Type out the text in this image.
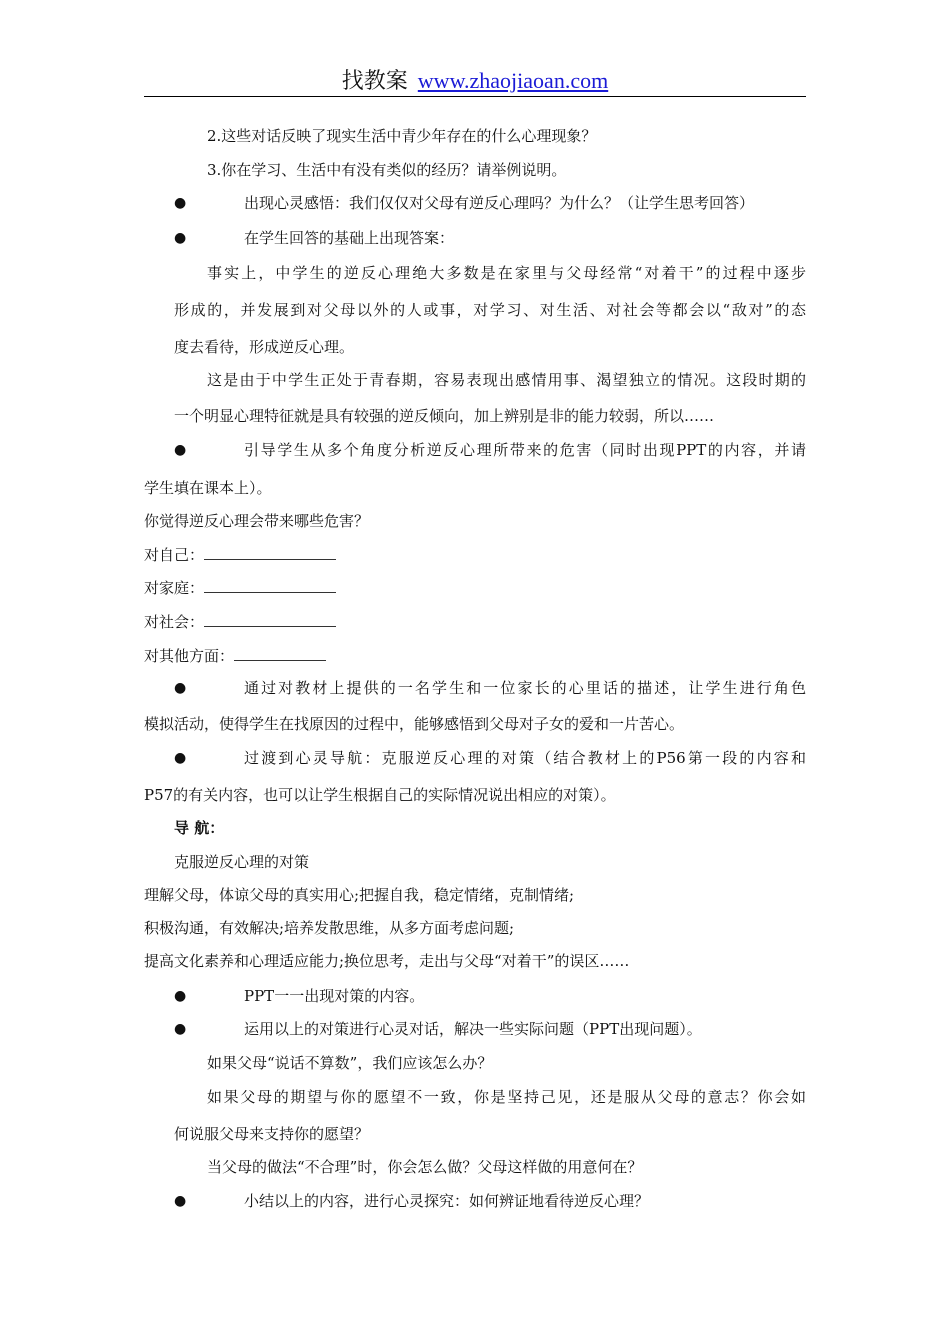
找教案 www.zhaojiaoan.com
2.这些对话反映了现实生活中青少年存在的什么心理现象？
3.你在学习、生活中有没有类似的经历？请举例说明。
●	出现心灵感悟：我们仅仅对父母有逆反心理吗？为什么？（让学生思考回答）
●	在学生回答的基础上出现答案：
事实上，中学生的逆反心理绝大多数是在家里与父母经常“对着干”的过程中逐步
形成的，并发展到对父母以外的人或事，对学习、对生活、对社会等都会以“敌对”的态
度去看待，形成逆反心理。
这是由于中学生正处于青春期，容易表现出感情用事、渴望独立的情况。这段时期的
一个明显心理特征就是具有较强的逆反倾向，加上辨别是非的能力较弱，所以……
●	引导学生从多个角度分析逆反心理所带来的危害（同时出现PPT的内容，并请
学生填在课本上）。
你觉得逆反心理会带来哪些危害？
对自己：
对家庭：
对社会：
对其他方面：
●	通过对教材上提供的一名学生和一位家长的心里话的描述，让学生进行角色
模拟活动，使得学生在找原因的过程中，能够感悟到父母对子女的爱和一片苦心。
●	过渡到心灵导航：克服逆反心理的对策（结合教材上的P56第一段的内容和
P57的有关内容，也可以让学生根据自己的实际情况说出相应的对策）。
导 航：
克服逆反心理的对策
理解父母，体谅父母的真实用心;把握自我，稳定情绪，克制情绪;
积极沟通，有效解决;培养发散思维，从多方面考虑问题;
提高文化素养和心理适应能力;换位思考，走出与父母“对着干”的误区……
●	PPT一一出现对策的内容。
●	运用以上的对策进行心灵对话，解决一些实际问题（PPT出现问题）。
如果父母“说话不算数”，我们应该怎么办？
如果父母的期望与你的愿望不一致，你是坚持己见，还是服从父母的意志？你会如
何说服父母来支持你的愿望？
当父母的做法“不合理”时，你会怎么做？父母这样做的用意何在？
●	小结以上的内容，进行心灵探究：如何辨证地看待逆反心理？
